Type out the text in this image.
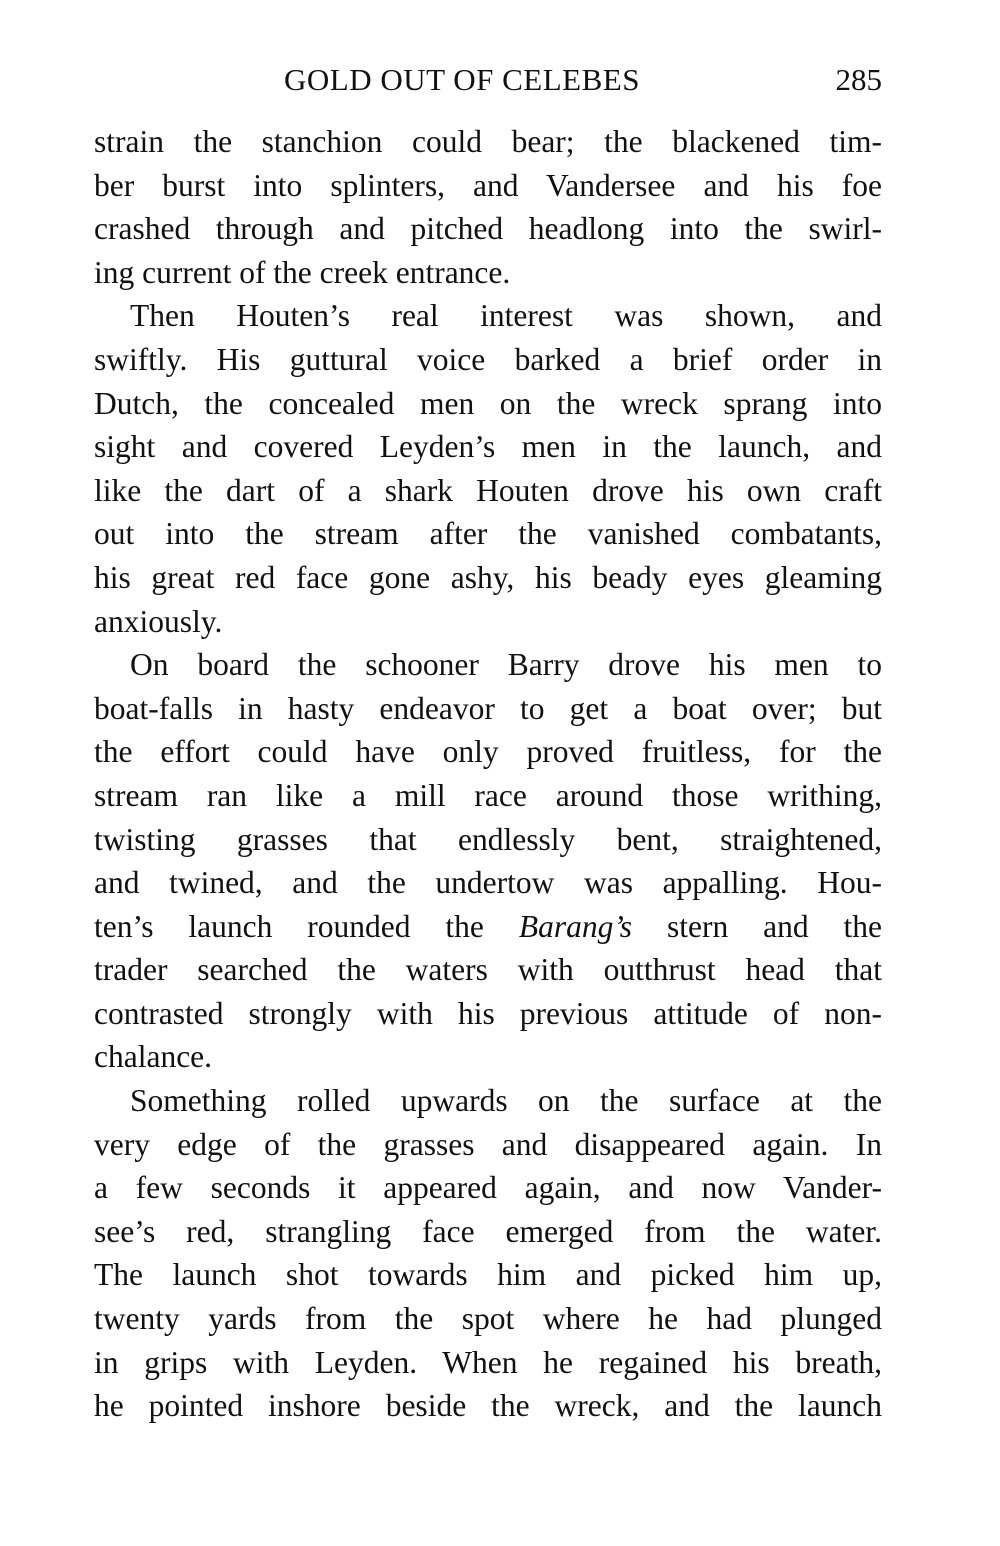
GOLD OUT OF CELEBES	285
strain the stanchion could bear; the blackened tim-
ber burst into splinters, and Vandersee and his foe
crashed through and pitched headlong into the swirl-
ing current of the creek entrance.
Then Houten’s real interest was shown, and
swiftly. His guttural voice barked a brief order in
Dutch, the concealed men on the wreck sprang into
sight and covered Leyden’s men in the launch, and
like the dart of a shark Houten drove his own craft
out into the stream after the vanished combatants,
his great red face gone ashy, his beady eyes gleaming
anxiously.
On board the schooner Barry drove his men to
boat-falls in hasty endeavor to get a boat over; but
the effort could have only proved fruitless, for the
stream ran like a mill race around those writhing,
twisting grasses that endlessly bent, straightened,
and twined, and the undertow was appalling. Hou-
ten’s launch rounded the Barang’s stern and the
trader searched the waters with outthrust head that
contrasted strongly with his previous attitude of non-
chalance.
Something rolled upwards on the surface at the
very edge of the grasses and disappeared again. In
a few seconds it appeared again, and now Vander-
see’s red, strangling face emerged from the water.
The launch shot towards him and picked him up,
twenty yards from the spot where he had plunged
in grips with Leyden. When he regained his breath,
he pointed inshore beside the wreck, and the launch
